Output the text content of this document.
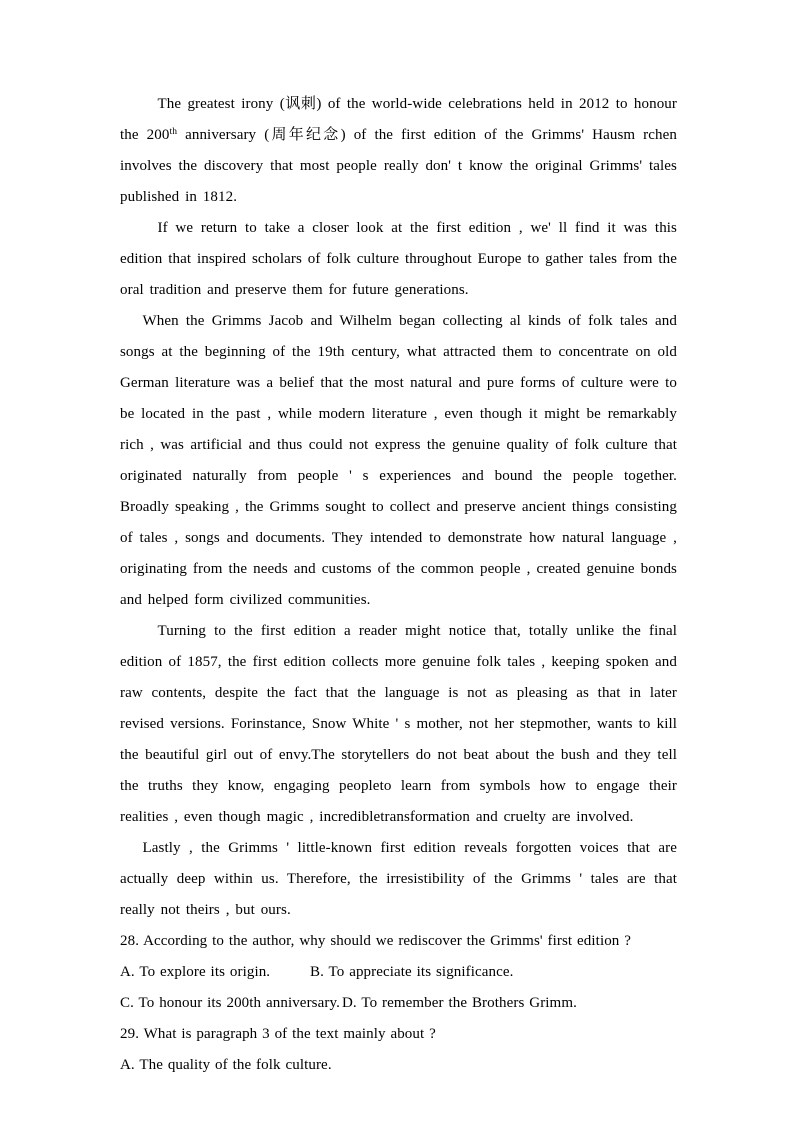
The greatest irony (讽刺) of the world-wide celebrations held in 2012 to honour the 200th anniversary (周年纪念) of the first edition of the Grimms' Hausm rchen involves the discovery that most people really don' t know the original Grimms' tales published in 1812.

If we return to take a closer look at the first edition , we' ll find it was this edition that inspired scholars of folk culture throughout Europe to gather tales from the oral tradition and preserve them for future generations.

When the Grimms Jacob and Wilhelm began collecting al kinds of folk tales and songs at the beginning of the 19th century, what attracted them to concentrate on old German literature was a belief that the most natural and pure forms of culture were to be located in the past , while modern literature , even though it might be remarkably rich , was artificial and thus could not express the genuine quality of folk culture that originated naturally from people ' s experiences and bound the people together. Broadly speaking , the Grimms sought to collect and preserve ancient things consisting of tales , songs and documents. They intended to demonstrate how natural language , originating from the needs and customs of the common people , created genuine bonds and helped form civilized communities.

Turning to the first edition a reader might notice that, totally unlike the final edition of 1857, the first edition collects more genuine folk tales , keeping spoken and raw contents, despite the fact that the language is not as pleasing as that in later revised versions. Forinstance, Snow White ' s mother, not her stepmother, wants to kill the beautiful girl out of envy.The storytellers do not beat about the bush and they tell the truths they know, engaging peopleto learn from symbols how to engage their realities , even though magic , incredibletransformation and cruelty are involved.

Lastly , the Grimms ' little-known first edition reveals forgotten voices that are actually deep within us. Therefore, the irresistibility of the Grimms ' tales are that really not theirs , but ours.

28. According to the author, why should we rediscover the Grimms' first edition ?
A. To explore its origin.	B. To appreciate its significance.
C. To honour its 200th anniversary. D. To remember the Brothers Grimm.
29. What is paragraph 3 of the text mainly about ?
A. The quality of the folk culture.
